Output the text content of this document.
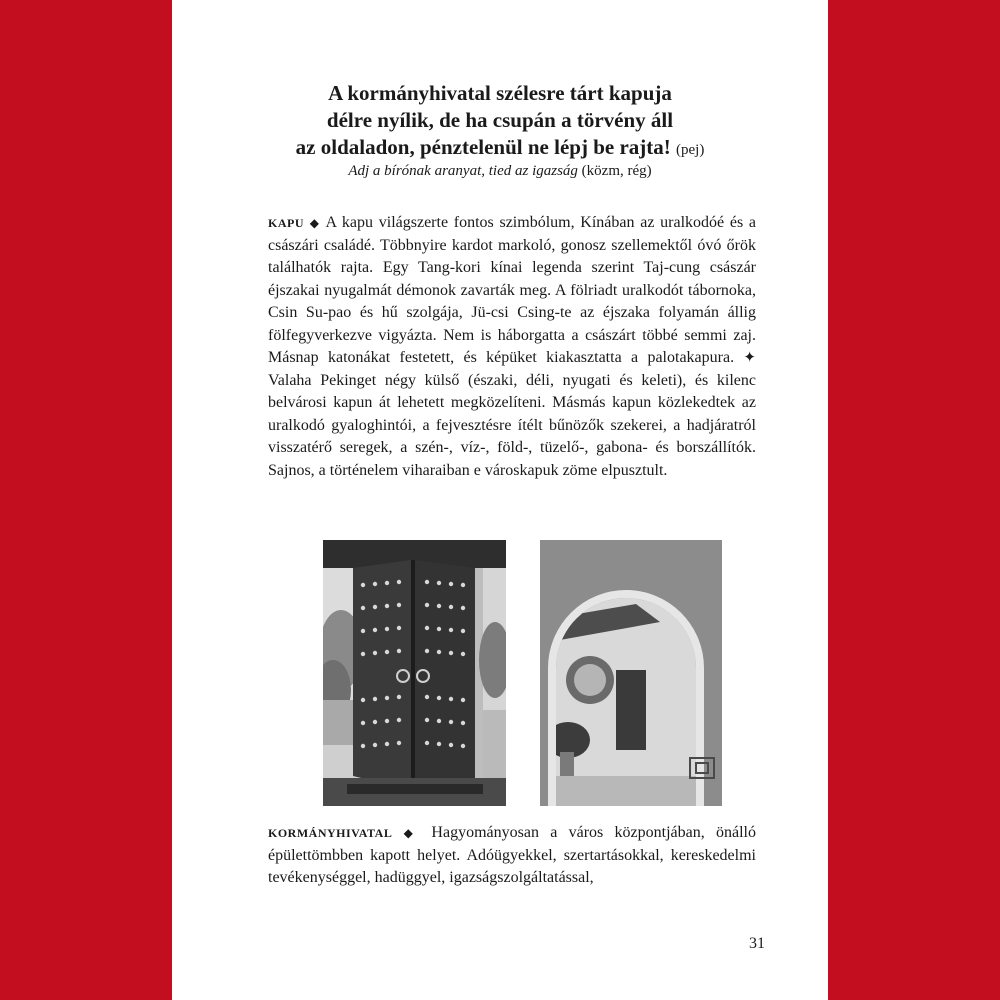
A kormányhivatal szélesre tárt kapuja
délre nyílik, de ha csupán a törvény áll
az oldaladon, pénztelenül ne lépj be rajta! (pej)
Adj a bírónak aranyat, tied az igazság (közm, rég)
KAPU ◆ A kapu világszerte fontos szimbólum, Kínában az uralkodóé és a császári családé. Többnyire kardot markoló, gonosz szellemektől óvó őrök találhatók rajta. Egy Tang-kori kínai legenda szerint Taj-cung császár éjszakai nyugalmát démonok zavarták meg. A fölriadt uralkodót tábornoka, Csin Su-pao és hű szolgája, Jü-csi Csing-te az éjszaka folyamán állig fölfegyverkezve vigyázta. Nem is háborgatta a császárt többé semmi zaj. Másnap katonákat festetett, és képüket kiakasztatta a palotakapura. ✦ Valaha Pekinget négy külső (északi, déli, nyugati és keleti), és kilenc belvárosi kapun át lehetett megközelíteni. Másmás kapun közlekedtek az uralkodó gyaloghintói, a fejvesztésre ítélt bűnözők szekerei, a hadjáratról visszatérő seregek, a szén-, víz-, föld-, tüzelő-, gabona- és borszállítók. Sajnos, a történelem viharaiban e városkapuk zöme elpusztult.
KORMÁNYHIVATAL ◆ Hagyományosan a város központjában, önálló épülettömbben kapott helyet. Adóügyekkel, szertartásokkal, kereskedelmi tevékenységgel, hadüggyel, igazságszolgáltatással,
31
